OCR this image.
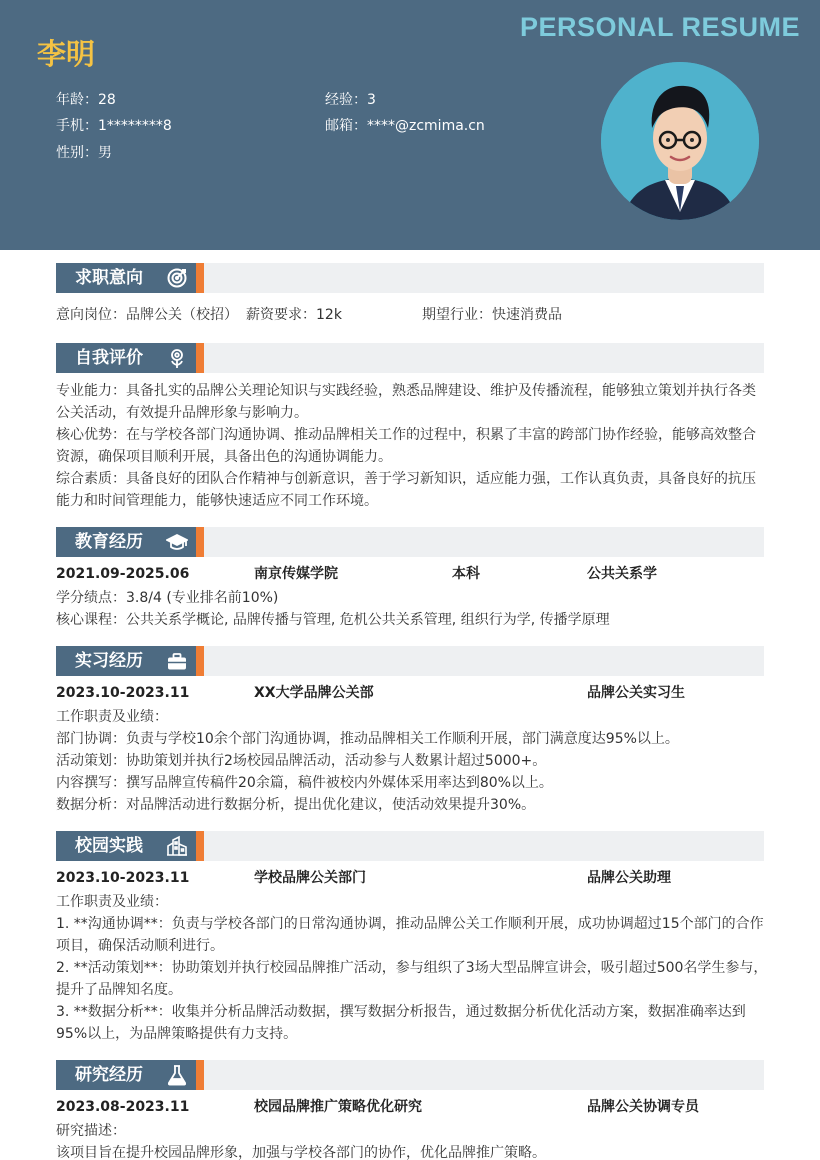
PERSONAL RESUME
李明
年龄：28	经验：3
手机：1********8	邮箱：****@zcmima.cn
性别：男
求职意向
意向岗位：品牌公关（校招） 薪资要求：12k	期望行业：快速消费品
自我评价
专业能力：具备扎实的品牌公关理论知识与实践经验，熟悉品牌建设、维护及传播流程，能够独立策划并执行各类公关活动，有效提升品牌形象与影响力。
核心优势：在与学校各部门沟通协调、推动品牌相关工作的过程中，积累了丰富的跨部门协作经验，能够高效整合资源，确保项目顺利开展，具备出色的沟通协调能力。
综合素质：具备良好的团队合作精神与创新意识，善于学习新知识，适应能力强，工作认真负责，具备良好的抗压能力和时间管理能力，能够快速适应不同工作环境。
教育经历
2021.09-2025.06	南京传媒学院	本科	公共关系学
学分绩点：3.8/4 (专业排名前10%)
核心课程：公共关系学概论, 品牌传播与管理, 危机公共关系管理, 组织行为学, 传播学原理
实习经历
2023.10-2023.11	XX大学品牌公关部	品牌公关实习生
工作职责及业绩：
部门协调：负责与学校10余个部门沟通协调，推动品牌相关工作顺利开展，部门满意度达95%以上。
活动策划：协助策划并执行2场校园品牌活动，活动参与人数累计超过5000+。
内容撰写：撰写品牌宣传稿件20余篇，稿件被校内外媒体采用率达到80%以上。
数据分析：对品牌活动进行数据分析，提出优化建议，使活动效果提升30%。
校园实践
2023.10-2023.11	学校品牌公关部门	品牌公关助理
工作职责及业绩：
1. **沟通协调**：负责与学校各部门的日常沟通协调，推动品牌公关工作顺利开展，成功协调超过15个部门的合作项目，确保活动顺利进行。
2. **活动策划**：协助策划并执行校园品牌推广活动，参与组织了3场大型品牌宣讲会，吸引超过500名学生参与，提升了品牌知名度。
3. **数据分析**：收集并分析品牌活动数据，撰写数据分析报告，通过数据分析优化活动方案，数据准确率达到95%以上，为品牌策略提供有力支持。
研究经历
2023.08-2023.11	校园品牌推广策略优化研究	品牌公关协调专员
研究描述：
该项目旨在提升校园品牌形象，加强与学校各部门的协作，优化品牌推广策略。
